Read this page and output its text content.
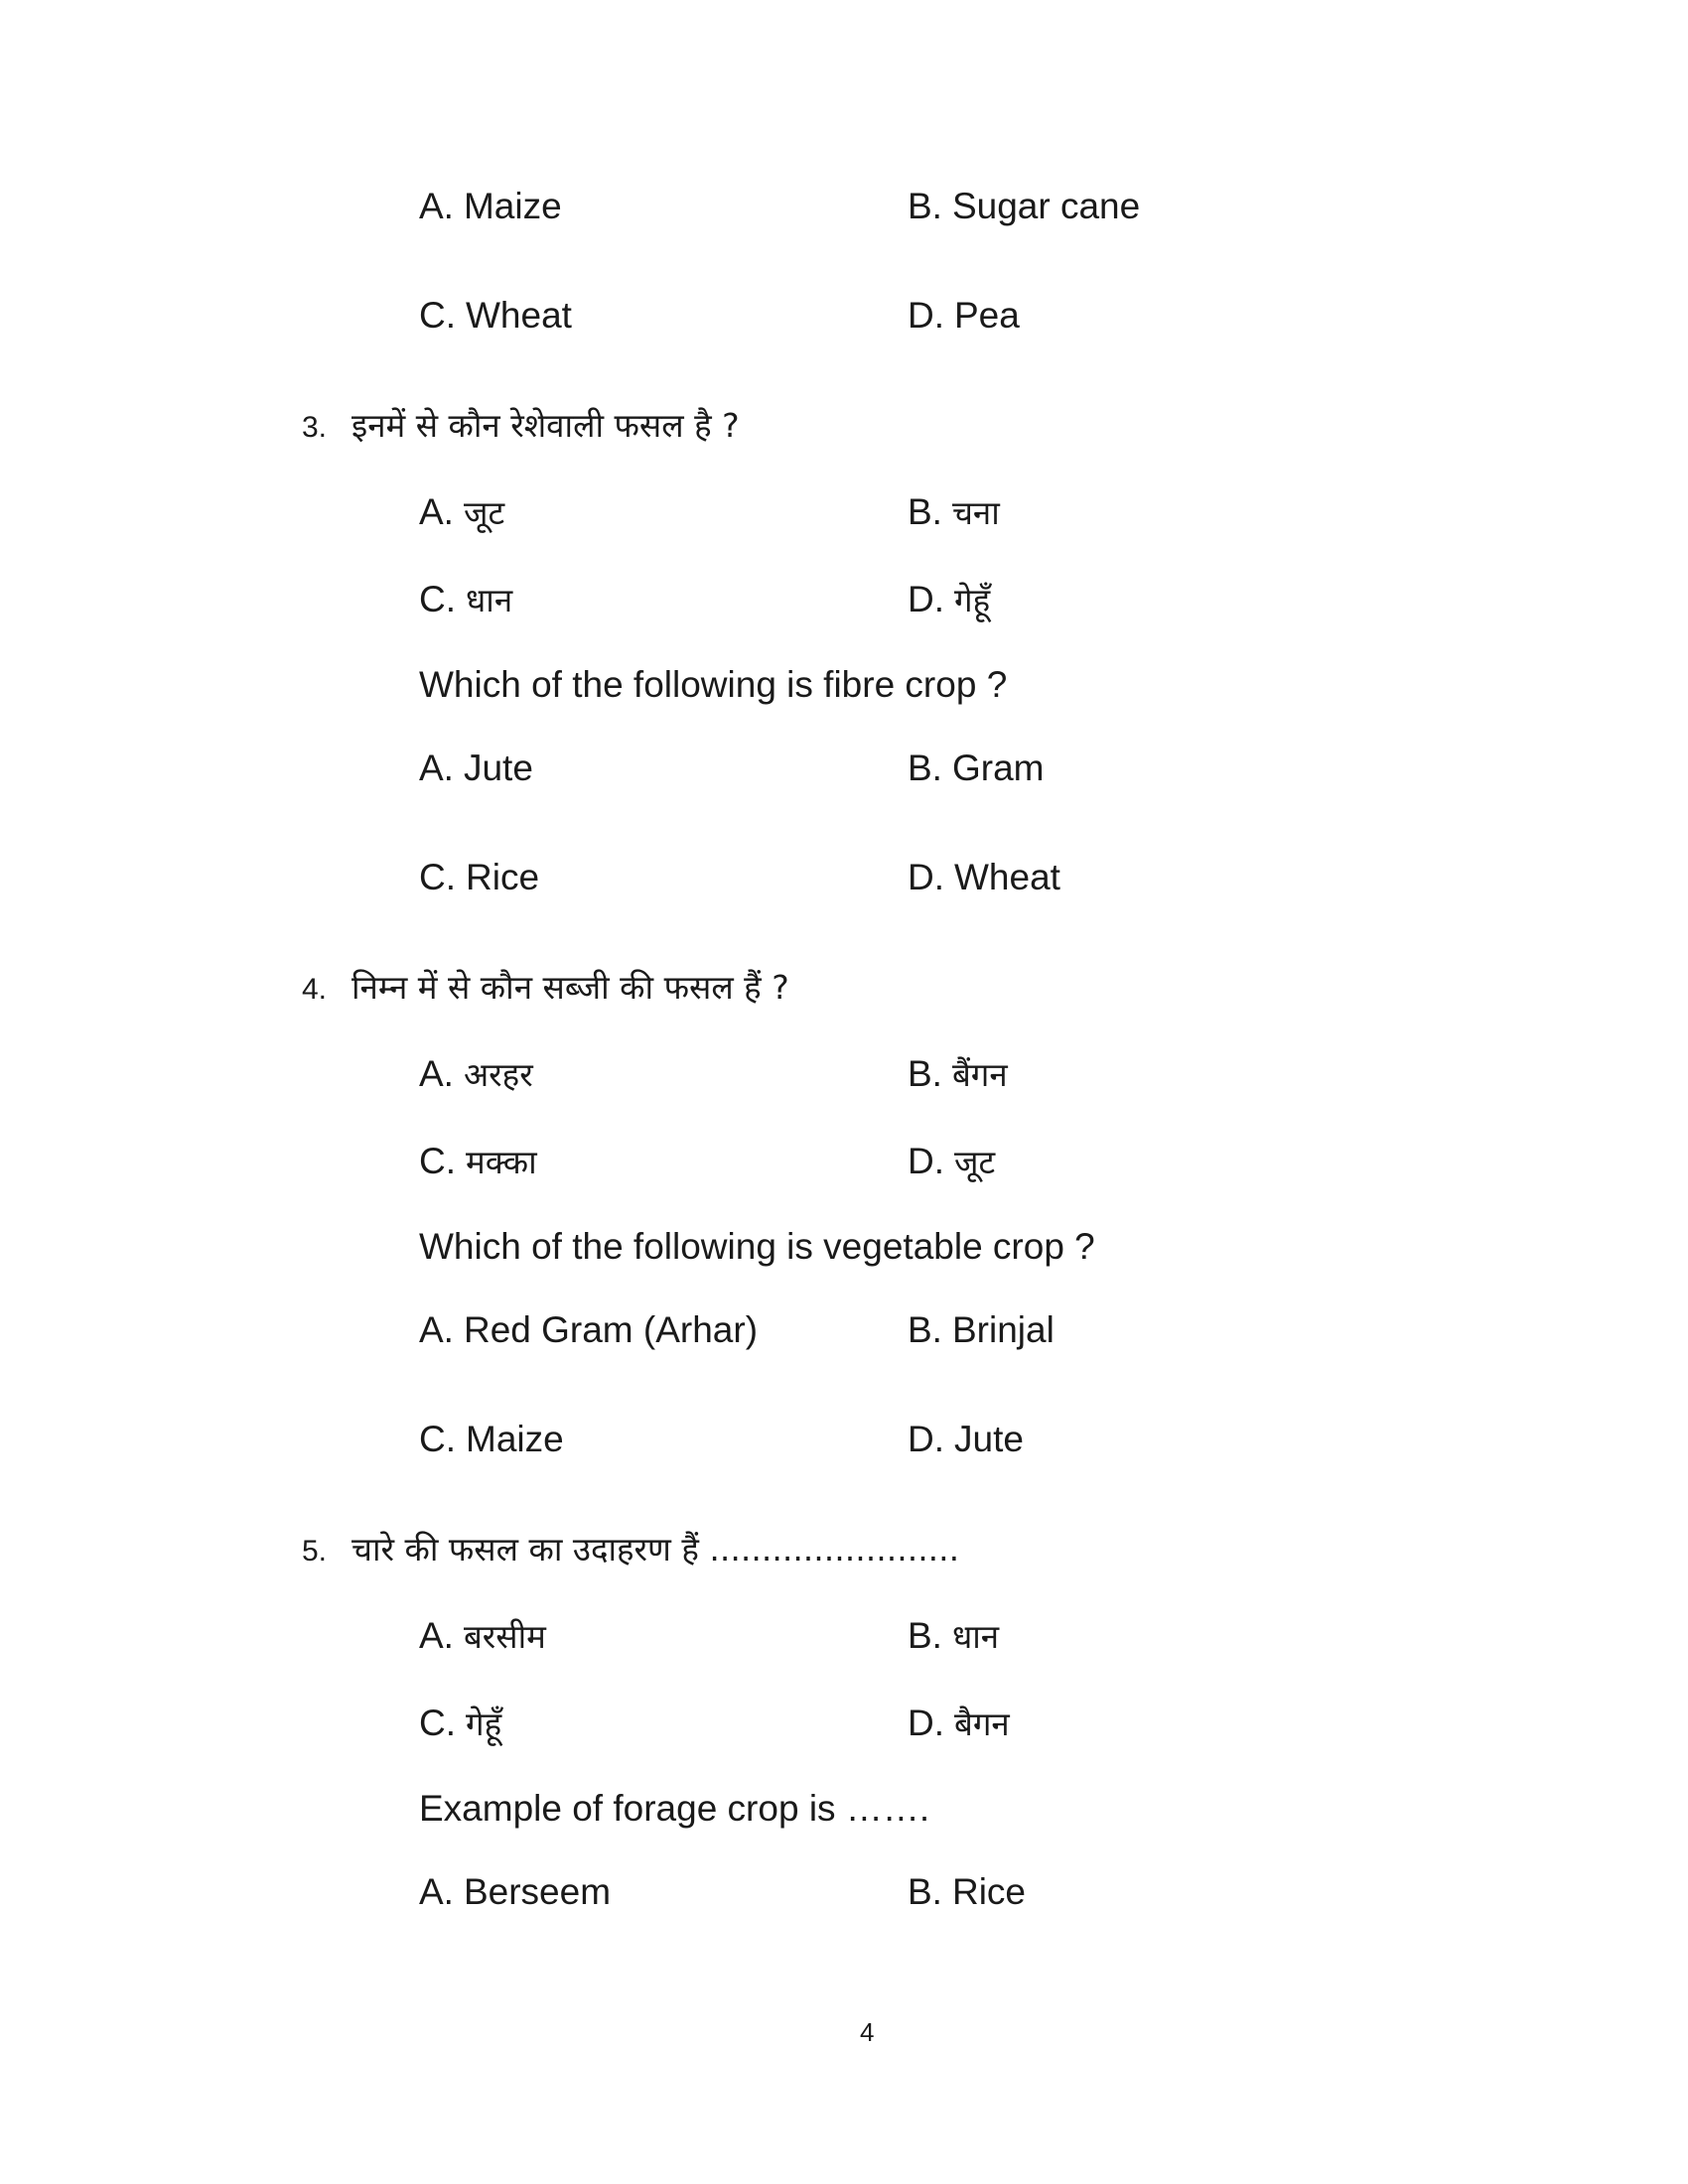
A. Maize	B. Sugar cane
C. Wheat	D. Pea
3. इनमें से कौन रेशेवाली फसल है ?
A. जूट	B. चना
C. धान	D. गेहूँ
Which of the following is fibre crop ?
A. Jute	B. Gram
C. Rice	D. Wheat
4. निम्न में से कौन सब्जी की फसल हैं ?
A. अरहर	B. बैंगन
C. मक्का	D. जूट
Which of the following is vegetable crop ?
A. Red Gram (Arhar)	B. Brinjal
C. Maize	D. Jute
5. चारे की फसल का उदाहरण हैं ........................
A. बरसीम	B. धान
C. गेहूँ	D. बैगन
Example of forage crop is …….
A. Berseem	B. Rice
4
